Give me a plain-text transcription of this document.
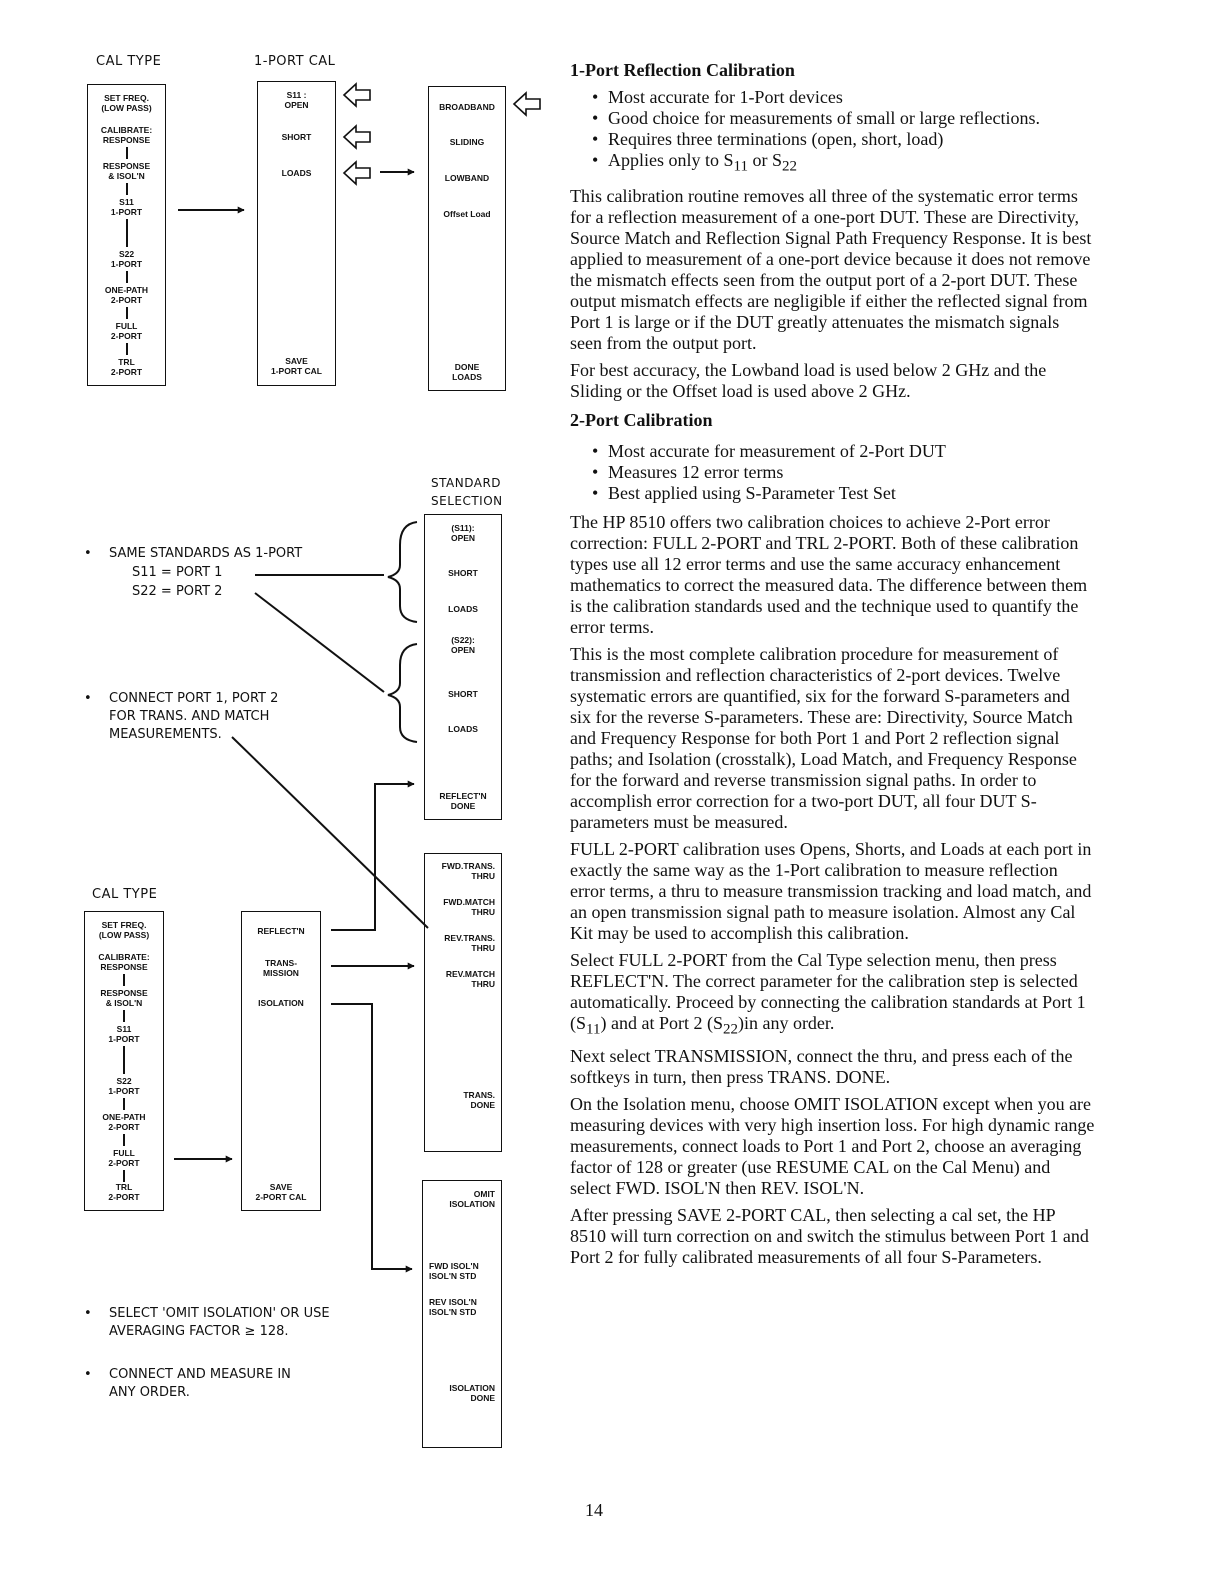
CAL TYPE	1-PORT CAL
SET FREQ.
(LOW PASS)
CALIBRATE:
RESPONSE
RESPONSE
& ISOL'N
S11
1-PORT
S22
1-PORT
ONE-PATH
2-PORT
FULL
2-PORT
TRL
2-PORT
S11 :
OPEN
SHORT
LOADS
SAVE
1-PORT CAL
BROADBAND
SLIDING
LOWBAND
Offset Load
DONE
LOADS
STANDARD
SELECTION
(S11):
OPEN
SHORT
LOADS
(S22):
OPEN
SHORT
LOADS
REFLECT'N
DONE
• SAME STANDARDS AS 1-PORT
S11 = PORT 1
S22 = PORT 2
• CONNECT PORT 1, PORT 2
FOR TRANS. AND MATCH
MEASUREMENTS.
CAL TYPE
SET FREQ.
(LOW PASS)
CALIBRATE:
RESPONSE
RESPONSE
& ISOL'N
S11
1-PORT
S22
1-PORT
ONE-PATH
2-PORT
FULL
2-PORT
TRL
2-PORT
REFLECT'N
TRANS-
MISSION
ISOLATION
SAVE
2-PORT CAL
FWD.TRANS.
THRU
FWD.MATCH
THRU
REV.TRANS.
THRU
REV.MATCH
THRU
TRANS.
DONE
OMIT
ISOLATION
FWD ISOL'N
ISOL'N STD
REV ISOL'N
ISOL'N STD
ISOLATION
DONE
• SELECT 'OMIT ISOLATION' OR USE
AVERAGING FACTOR ≥ 128.
• CONNECT AND MEASURE IN
ANY ORDER.
1-Port Reflection Calibration
• Most accurate for 1-Port devices
• Good choice for measurements of small or large reflections.
• Requires three terminations (open, short, load)
• Applies only to $S_{11}$ or $S_{22}$

This calibration routine removes all three of the systematic error terms for a reflection measurement of a one-port DUT. These are Directivity, Source Match and Reflection Signal Path Frequency Response. It is best applied to measurement of a one-port device because it does not remove the mismatch effects seen from the output port of a 2-port DUT. These output mismatch effects are negligible if either the reflected signal from Port 1 is large or if the DUT greatly attenuates the mismatch signals seen from the output port.

For best accuracy, the Lowband load is used below 2 GHz and the Sliding or the Offset load is used above 2 GHz.

2-Port Calibration
• Most accurate for measurement of 2-Port DUT
• Measures 12 error terms
• Best applied using S-Parameter Test Set

The HP 8510 offers two calibration choices to achieve 2-Port error correction: FULL 2-PORT and TRL 2-PORT. Both of these calibration types use all 12 error terms and use the same accuracy enhancement mathematics to correct the measured data. The difference between them is the calibration standards used and the technique used to quantify the error terms.

This is the most complete calibration procedure for measurement of transmission and reflection characteristics of 2-port devices. Twelve systematic errors are quantified, six for the forward S-parameters and six for the reverse S-parameters. These are: Directivity, Source Match and Frequency Response for both Port 1 and Port 2 reflection signal paths; and Isolation (crosstalk), Load Match, and Frequency Response for the forward and reverse transmission signal paths. In order to accomplish error correction for a two-port DUT, all four DUT S-parameters must be measured.

FULL 2-PORT calibration uses Opens, Shorts, and Loads at each port in exactly the same way as the 1-Port calibration to measure reflection error terms, a thru to measure transmission tracking and load match, and an open transmission signal path to measure isolation. Almost any Cal Kit may be used to accomplish this calibration.

Select FULL 2-PORT from the Cal Type selection menu, then press REFLECT'N. The correct parameter for the calibration step is selected automatically. Proceed by connecting the calibration standards at Port 1 $(S_{11})$ and at Port 2 $(S_{22})in$ any order.

Next select TRANSMISSION, connect the thru, and press each of the softkeys in turn, then press TRANS. DONE.

On the Isolation menu, choose OMIT ISOLATION except when you are measuring devices with very high insertion loss. For high dynamic range measurements, connect loads to Port 1 and Port 2, choose an averaging factor of 128 or greater (use RESUME CAL on the Cal Menu) and select FWD. ISOL'N then REV. ISOL'N.

After pressing SAVE 2-PORT CAL, then selecting a cal set, the HP 8510 will turn correction on and switch the stimulus between Port 1 and Port 2 for fully calibrated measurements of all four S-Parameters.

14
